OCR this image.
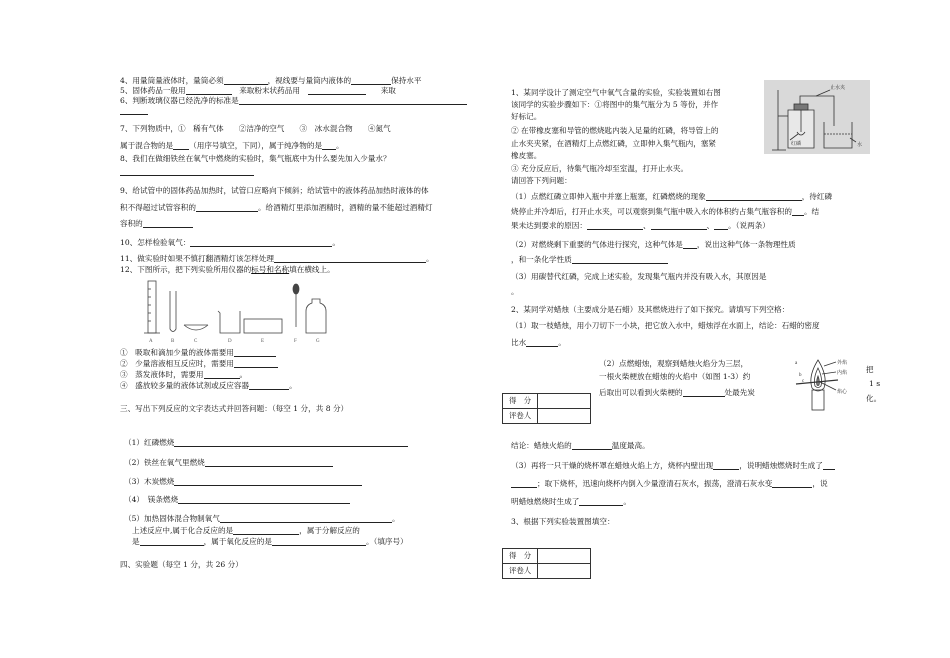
4、用量筒量液体时，量筒必须	，视线要与量筒内液体的	保持水平
5、固体药品一般用　	来取粉末状药品用　　　	来取
6、判断玻璃仪器已经洗净的标准是
7、下列物质中，①　稀有气体　　②洁净的空气　　③　冰水混合物　　④氮气
属于混合物的是 （用序号填空，下同），属于纯净物的是 。
8、我们在做细铁丝在氧气中燃烧的实验时，集气瓶底中为什么要先加入少量水？
9、给试管中的固体药品加热时，试管口应略向下倾斜；给试管中的液体药品加热时液体的体
积不得超过试管容积的	。给酒精灯里添加酒精时，酒精的量不能超过酒精灯
容积的
10、怎样检验氧气：	。
11、做实验时如果不慎打翻酒精灯该怎样处理	。
12、下图所示，把下列实验所用仪器的标号和名称填在横线上。
A	B	C	D	E	F	G
①　吸取和滴加少量的液体需要用
②　少量溶液相互反应时，需要用
③　蒸发液体时，需要用	。
④　盛放较多量的液体试剂或反应容器	。
三、写出下列反应的文字表达式并回答问题：（每空 1 分，共 8 分）
（1）红磷燃烧
（2）铁丝在氧气里燃烧
（3）木炭燃烧
（4）　镁条燃烧
（5）加热固体混合物制氧气	。
上述反应中,属于化合反应的是	，属于分解反应的
是	，属于氧化反应的是	。（填序号）
四、实验题（每空 1 分，共 26 分）
1、某同学设计了测定空气中氧气含量的实验，实验装置如右图
该同学的实验步骤如下：①将图中的集气瓶分为 5 等份，并作
好标记。
② 在带橡皮塞和导管的燃烧匙内装入足量的红磷，将导管上的
止水夹夹紧，在酒精灯上点燃红磷，立即伸入集气瓶内，塞紧
橡皮塞。
③ 充分反应后，待集气瓶冷却至室温，打开止水夹。
请回答下列问题：
止水夹
红磷	水
（1）点燃红磷立即伸入瓶中并塞上瓶塞，红磷燃烧的现象	，待红磷
烧停止并冷却后，打开止水夹，可以观察到集气瓶中吸入水的体积约占集气瓶容积的 。结
果未达到要求的原因：	、	、 。（说两条）
（2）对燃烧剩下重要的气体进行探究，这种气体是 ，说出这种气体一条物理性质
，和一条化学性质
（3）用碳替代红磷，完成上述实验，发现集气瓶内并没有吸入水，其原因是
。
2、某同学对蜡烛（主要成分是石蜡）及其燃烧进行了如下探究。请填写下列空格：
（1）取一枝蜡烛，用小刀切下一小块，把它放入水中，蜡烛浮在水面上，结论：石蜡的密度
比水	。
得　分	
评卷人	
（2）点燃蜡烛，观察到蜡烛火焰分为三层，
把
一根火柴梗放在蜡烛的火焰中（如图 1-3）约
1 s
后取出可以看到火柴梗的	处最先炭
化。
外焰
内焰
焰心
a
b
c
结论：蜡烛火焰的	温度最高。
（3）再将一只干燥的烧杯罩在蜡烛火焰上方，烧杯内壁出现	，说明蜡烛燃烧时生成了
；取下烧杯，迅速向烧杯内倒入少量澄清石灰水，振荡，澄清石灰水变	，说
明蜡烛燃烧时生成了	。
3、根据下列实验装置图填空：
得　分	
评卷人	
